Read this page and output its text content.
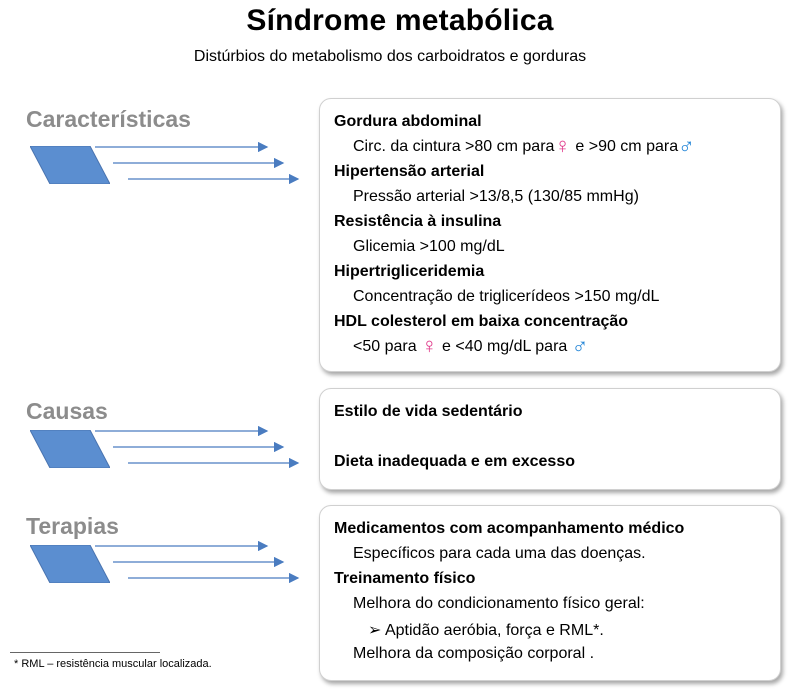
Síndrome metabólica
Distúrbios do metabolismo dos carboidratos e gorduras
Características	Gordura abdominal
Circ. da cintura >80 cm para♀ e >90 cm para♂
Hipertensão arterial
Pressão arterial >13/8,5 (130/85 mmHg)
Resistência à insulina
Glicemia >100 mg/dL
Hipertrigliceridemia
Concentração de triglicerídeos >150 mg/dL
HDL colesterol em baixa concentração
<50 para ♀ e <40 mg/dL para ♂
Causas	Estilo de vida sedentário
Dieta inadequada e em excesso
Terapias	Medicamentos com acompanhamento médico
Específicos para cada uma das doenças.
Treinamento físico
Melhora do condicionamento físico geral:
➢ Aptidão aeróbia, força e RML*.
Melhora da composição corporal .
* RML – resistência muscular localizada.
